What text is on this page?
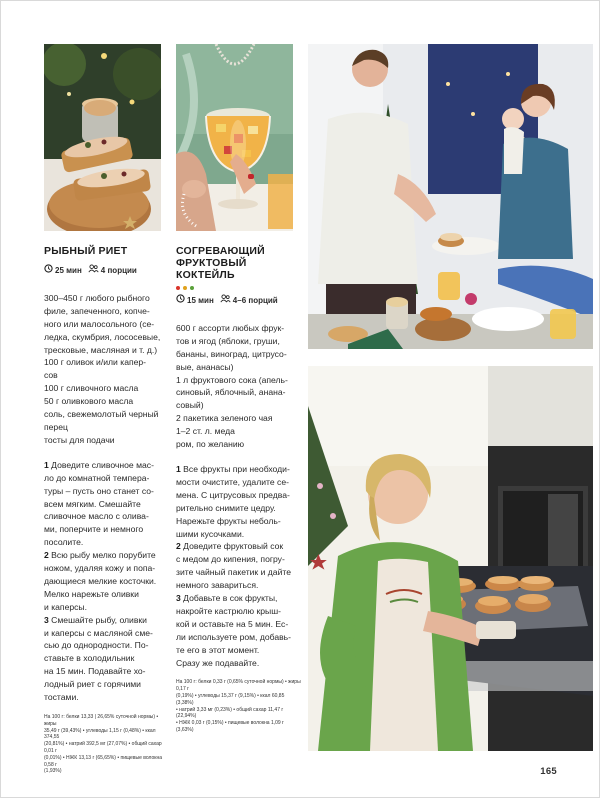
РЫБНЫЙ РИЕТ
25 мин 4 порции
300–450 г любого рыбного
филе, запеченного, копче-
ного или малосольного (се-
ледка, скумбрия, лососевые,
тресковые, масляная и т. д.)
100 г оливок и/или капер-
сов
100 г сливочного масла
50 г оливкового масла
соль, свежемолотый черный
перец
тосты для подачи

1 Доведите сливочное мас-

ло до комнатной темпера-

туры – пусть оно станет со-

всем мягким. Смешайте

сливочное масло с олива-

ми, поперчите и немного

посолите.

2 Всю рыбу мелко порубите

ножом, удаляя кожу и попа-

дающиеся мелкие косточки.

Мелко нарежьте оливки

и каперсы.

3 Смешайте рыбу, оливки

и каперсы с масляной сме-

сью до однородности. По-

ставьте в холодильник

на 15 мин. Подавайте хо-

лодный риет с горячими

тостами.

На 100 г: белки 13,33 | 26,65% суточной нормы) • жиры
35,49 г (39,43%) • углеводы 1,15 г (0,48%) • ккал 374,55
(20,81%) • натрий 392,5 мг (27,07%) • общий сахар 0,01 г
(0,01%) • НЖК 13,13 г (65,65%) • пищевые волокна 0,58 г
(1,93%)
СОГРЕВАЮЩИЙ
ФРУКТОВЫЙ КОКТЕЙЛЬ
15 мин 4–6 порций
600 г ассорти любых фрук-
тов и ягод (яблоки, груши,
бананы, виноград, цитрусо-
вые, ананасы)
1 л фруктового сока (апель-
синовый, яблочный, анана-
совый)
2 пакетика зеленого чая
1–2 ст. л. меда
ром, по желанию

1 Все фрукты при необходи-

мости очистите, удалите се-

мена. С цитрусовых предва-

рительно снимите цедру.

Нарежьте фрукты неболь-

шими кусочками.

2 Доведите фруктовый сок

с медом до кипения, погру-

зите чайный пакетик и дайте

немного завариться.

3 Добавьте в сок фрукты,

накройте кастрюлю крыш-

кой и оставьте на 5 мин. Ес-

ли используете ром, добавь-

те его в этот момент.

Сразу же подавайте.

На 100 г: белки 0,33 г (0,65% суточной нормы) • жиры 0,17 г
(0,19%) • углеводы 15,37 г (9,15%) • ккал 60,85 (3,38%)
• натрий 3,33 мг (0,23%) • общий сахар 11,47 г (22,94%)
• НЖК 0,03 г (0,15%) • пищевые волокна 1,09 г (3,63%)
165
